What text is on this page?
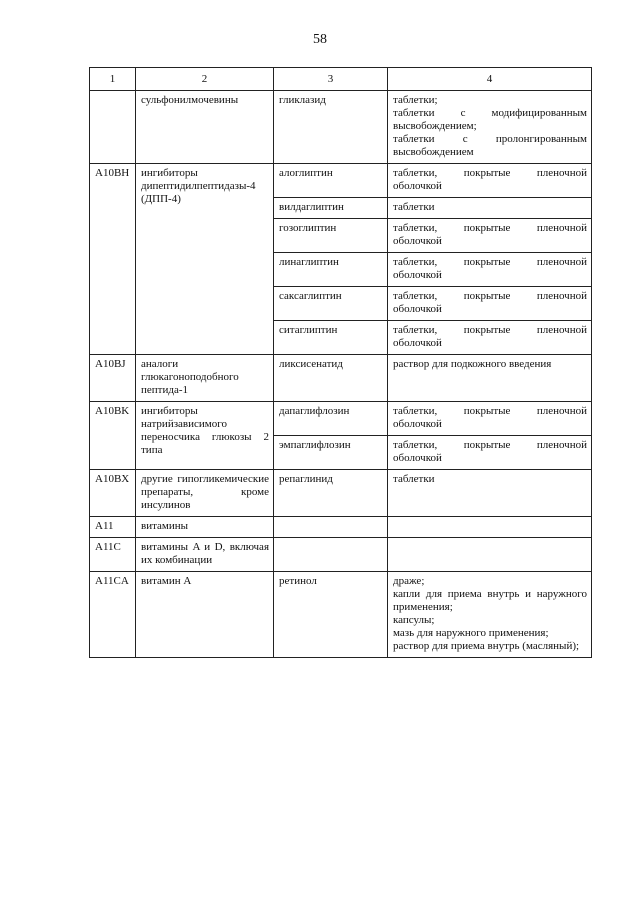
58
1	2	3	4
	сульфонилмочевины	гликлазид	таблетки;
таблетки с модифицированным высвобождением;
таблетки с пролонгированным высвобождением

A10BH	ингибиторы дипептидилпептидазы-4 (ДПП-4)	алоглиптин	таблетки, покрытые пленочной оболочкой

		вилдаглиптин	таблетки

		гозоглиптин	таблетки, покрытые пленочной оболочкой

		линаглиптин	таблетки, покрытые пленочной оболочкой

		саксаглиптин	таблетки, покрытые пленочной оболочкой

		ситаглиптин	таблетки, покрытые пленочной оболочкой

A10BJ	аналоги глюкагоноподобного пептида-1	ликсисенатид	раствор для подкожного введения

A10BK	ингибиторы натрийзависимого переносчика глюкозы 2 типа	дапаглифлозин	таблетки, покрытые пленочной оболочкой

		эмпаглифлозин	таблетки, покрытые пленочной оболочкой

A10BX	другие гипогликемические препараты, кроме инсулинов	репаглинид	таблетки

A11	витамины		
A11C	витамины A и D, включая их комбинации		
A11CA	витамин A	ретинол	драже;
капли для приема внутрь и наружного применения;
капсулы;
мазь для наружного применения;
раствор для приема внутрь (масляный);
